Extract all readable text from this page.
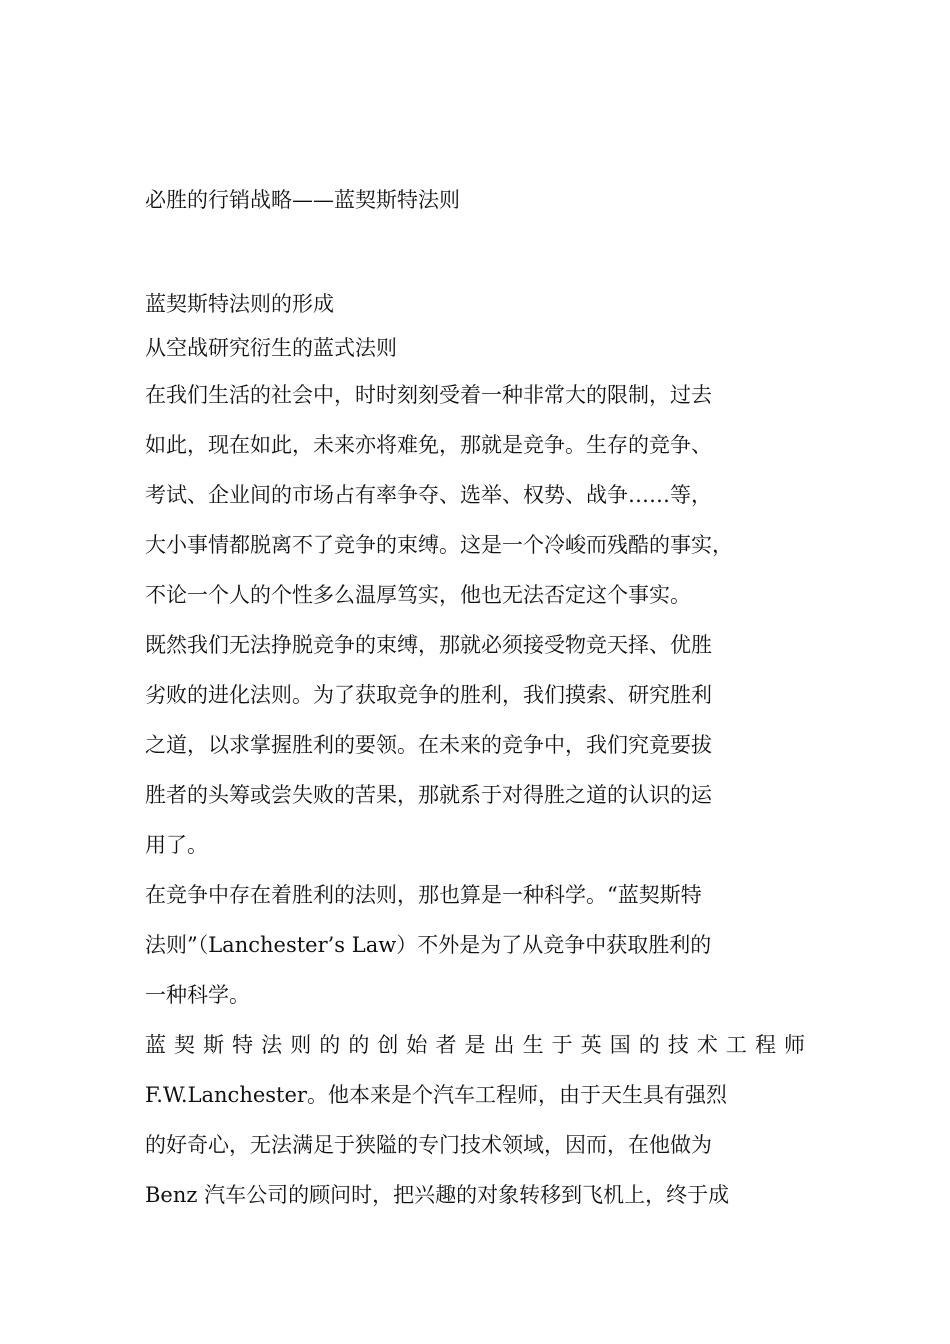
必胜的行销战略——蓝契斯特法则
蓝契斯特法则的形成
从空战研究衍生的蓝式法则
在我们生活的社会中，时时刻刻受着一种非常大的限制，过去
如此，现在如此，未来亦将难免，那就是竞争。生存的竞争、
考试、企业间的市场占有率争夺、选举、权势、战争……等，
大小事情都脱离不了竞争的束缚。这是一个冷峻而残酷的事实，
不论一个人的个性多么温厚笃实，他也无法否定这个事实。
既然我们无法挣脱竞争的束缚，那就必须接受物竞天择、优胜
劣败的进化法则。为了获取竞争的胜利，我们摸索、研究胜利
之道，以求掌握胜利的要领。在未来的竞争中，我们究竟要拔
胜者的头筹或尝失败的苦果，那就系于对得胜之道的认识的运
用了。
在竞争中存在着胜利的法则，那也算是一种科学。“蓝契斯特
法则”（Lanchester’s Law）不外是为了从竞争中获取胜利的
一种科学。
蓝契斯特法则的的创始者是出生于英国的技术工程师
F.W.Lanchester。他本来是个汽车工程师，由于天生具有强烈
的好奇心，无法满足于狭隘的专门技术领域，因而，在他做为
Benz 汽车公司的顾问时，把兴趣的对象转移到飞机上，终于成
